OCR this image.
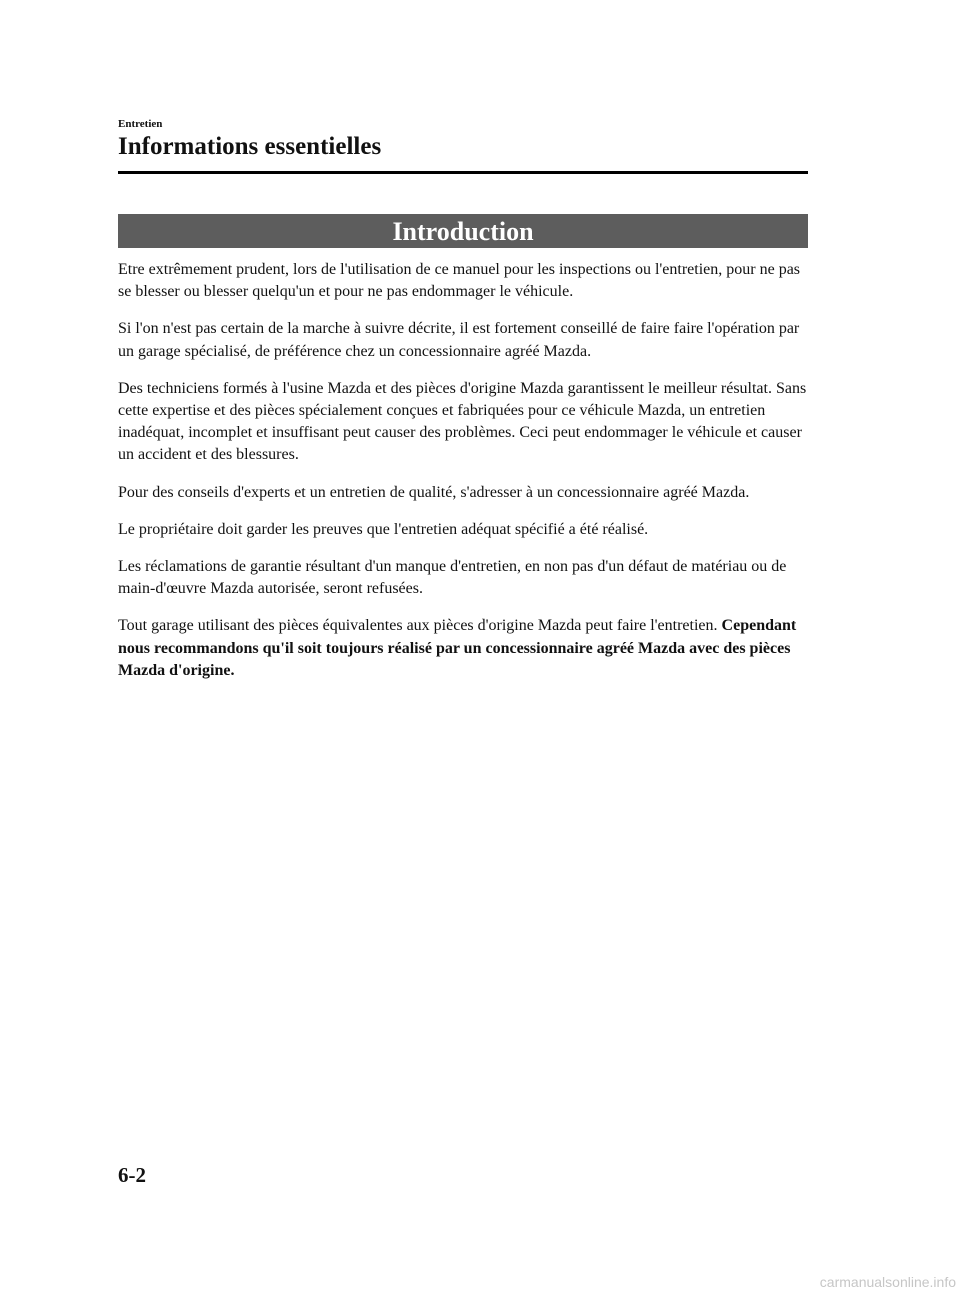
Entretien
Informations essentielles
Introduction

Etre extrêmement prudent, lors de l'utilisation de ce manuel pour les inspections ou l'entretien, pour ne pas se blesser ou blesser quelqu'un et pour ne pas endommager le véhicule.

Si l'on n'est pas certain de la marche à suivre décrite, il est fortement conseillé de faire faire l'opération par un garage spécialisé, de préférence chez un concessionnaire agréé Mazda.

Des techniciens formés à l'usine Mazda et des pièces d'origine Mazda garantissent le meilleur résultat. Sans cette expertise et des pièces spécialement conçues et fabriquées pour ce véhicule Mazda, un entretien inadéquat, incomplet et insuffisant peut causer des problèmes. Ceci peut endommager le véhicule et causer un accident et des blessures.

Pour des conseils d'experts et un entretien de qualité, s'adresser à un concessionnaire agréé Mazda.

Le propriétaire doit garder les preuves que l'entretien adéquat spécifié a été réalisé.

Les réclamations de garantie résultant d'un manque d'entretien, en non pas d'un défaut de matériau ou de main-d'œuvre Mazda autorisée, seront refusées.

Tout garage utilisant des pièces équivalentes aux pièces d'origine Mazda peut faire l'entretien. Cependant nous recommandons qu'il soit toujours réalisé par un concessionnaire agréé Mazda avec des pièces Mazda d'origine.

6-2
carmanualsonline.info
